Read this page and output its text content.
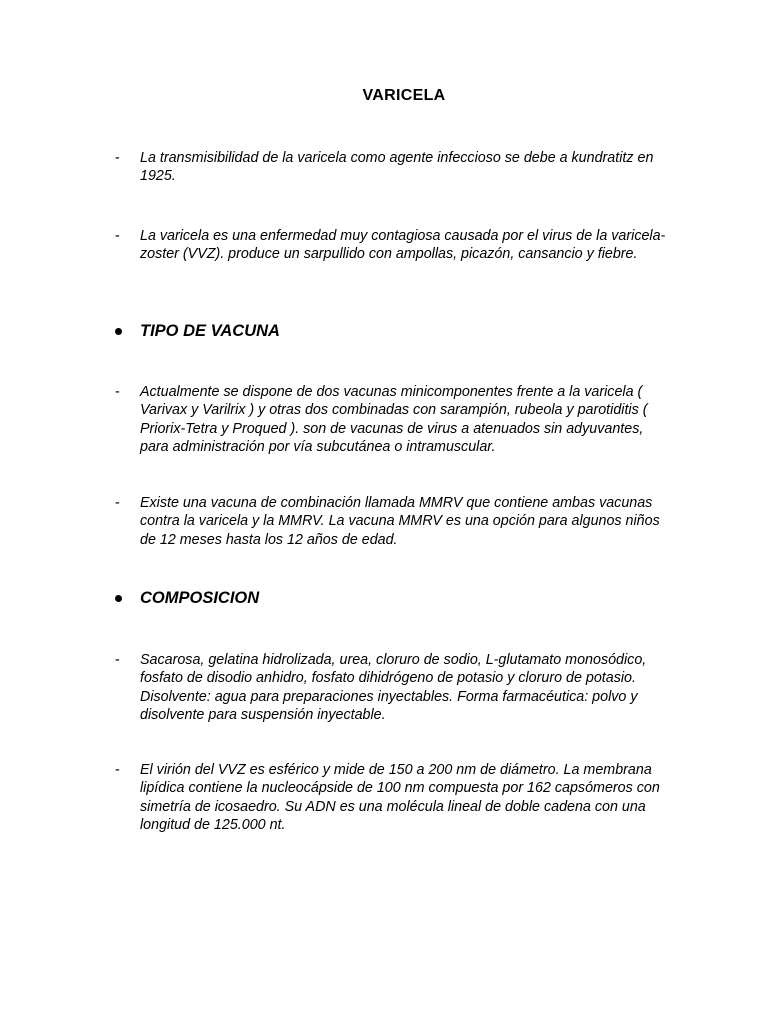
VARICELA
- La transmisibilidad de la varicela como agente infeccioso se debe a kundratitz en 1925.
- La varicela es una enfermedad muy contagiosa causada por el virus de la varicela-zoster (VVZ). produce un sarpullido con ampollas, picazón, cansancio y fiebre.
TIPO DE VACUNA
- Actualmente se dispone de dos vacunas minicomponentes frente a la varicela ( Varivax y Varilrix ) y otras dos combinadas con sarampión, rubeola y parotiditis ( Priorix-Tetra y Proqued ). son de vacunas de virus a atenuados sin adyuvantes, para administración por vía subcutánea o intramuscular.
- Existe una vacuna de combinación llamada MMRV que contiene ambas vacunas contra la varicela y la MMRV. La vacuna MMRV es una opción para algunos niños de 12 meses hasta los 12 años de edad.
COMPOSICION
- Sacarosa, gelatina hidrolizada, urea, cloruro de sodio, L-glutamato monosódico, fosfato de disodio anhidro, fosfato dihidrógeno de potasio y cloruro de potasio. Disolvente: agua para preparaciones inyectables. Forma farmacéutica: polvo y disolvente para suspensión inyectable.
- El virión del VVZ es esférico y mide de 150 a 200 nm de diámetro. La membrana lipídica contiene la nucleocápside de 100 nm compuesta por 162 capsómeros con simetría de icosaedro. Su ADN es una molécula lineal de doble cadena con una longitud de 125.000 nt.
